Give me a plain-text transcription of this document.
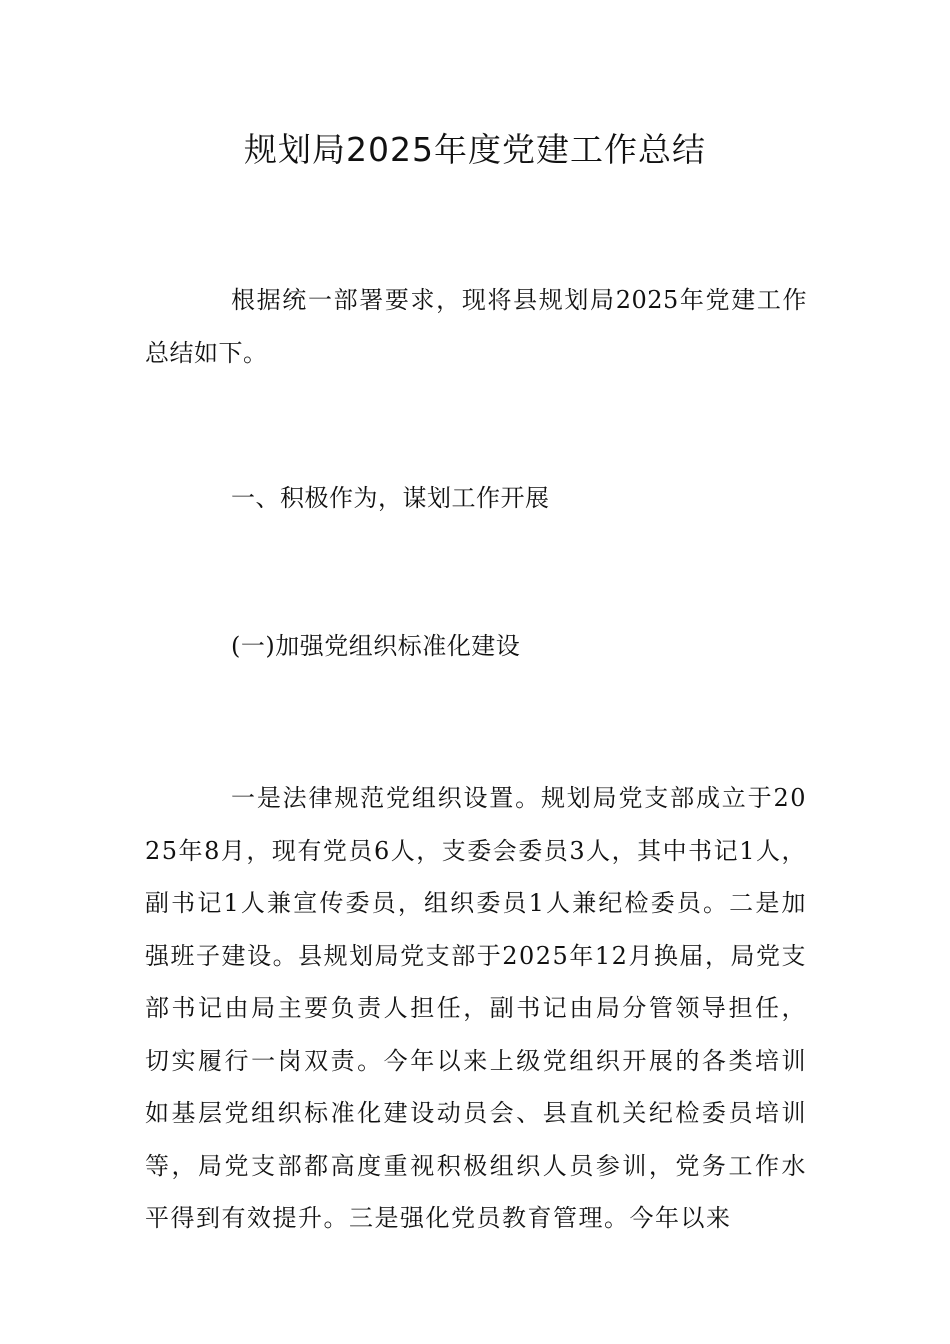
规划局2025年度党建工作总结

根据统一部署要求，现将县规划局2025年党建工作总结如下。

一、积极作为，谋划工作开展

(一)加强党组织标准化建设

一是法律规范党组织设置。规划局党支部成立于2025年8月，现有党员6人，支委会委员3人，其中书记1人，副书记1人兼宣传委员，组织委员1人兼纪检委员。二是加强班子建设。县规划局党支部于2025年12月换届，局党支部书记由局主要负责人担任，副书记由局分管领导担任，切实履行一岗双责。今年以来上级党组织开展的各类培训如基层党组织标准化建设动员会、县直机关纪检委员培训等，局党支部都高度重视积极组织人员参训，党务工作水平得到有效提升。三是强化党员教育管理。今年以来
